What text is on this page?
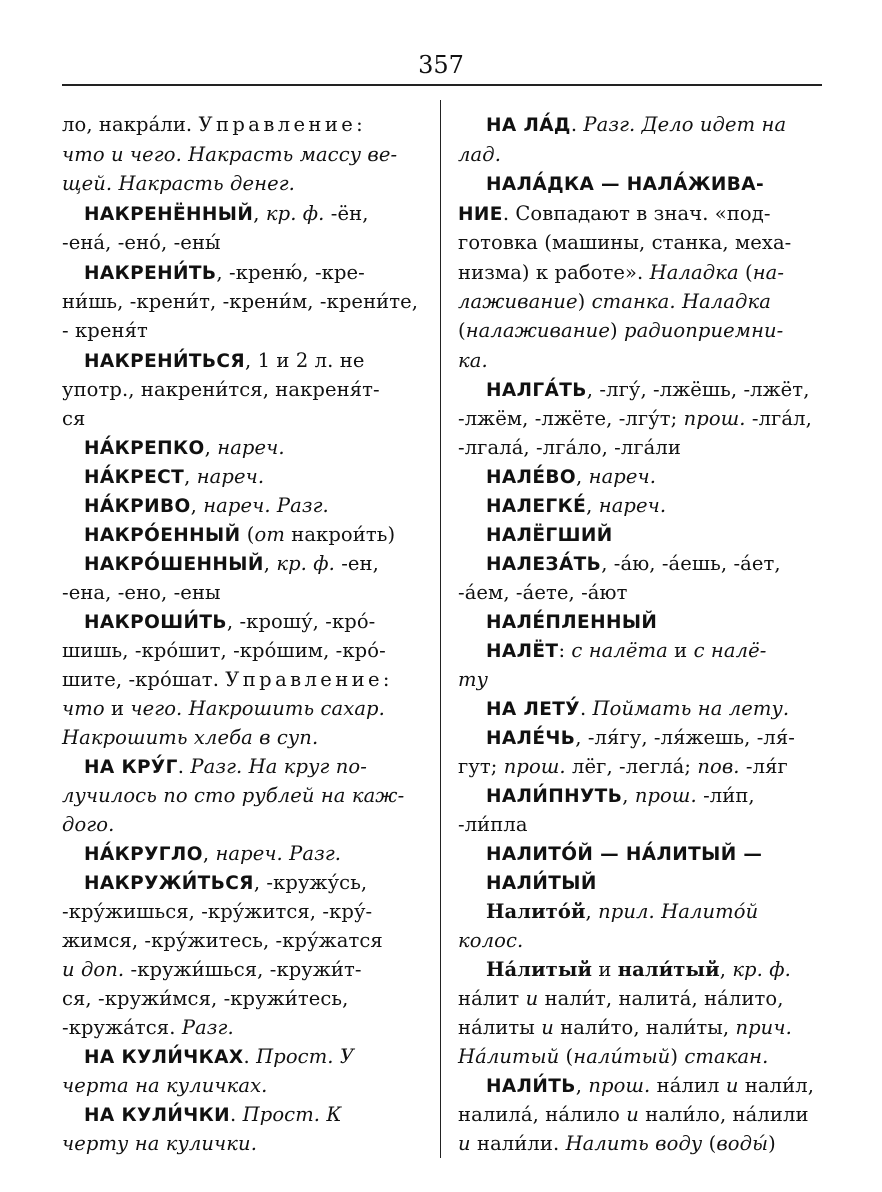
357
ло, накра́ли. Управление:
что и чего. Накрасть массу ве-
щей. Накрасть денег.
НАКРЕНЁННЫЙ, кр. ф. -ён,
-ена́, -ено́, -ены́
НАКРЕНИ́ТЬ, -креню́, -кре-
ни́шь, -крени́т, -крени́м, -крени́те,
- креня́т
НАКРЕНИ́ТЬСЯ, 1 и 2 л. не
употр., накрени́тся, накреня́т-
ся
НА́КРЕПКО, нареч.
НА́КРЕСТ, нареч.
НА́КРИВО, нареч. Разг.
НАКРО́ЕННЫЙ (от накрои́ть)
НАКРО́ШЕННЫЙ, кр. ф. -ен,
-ена, -ено, -ены
НАКРОШИ́ТЬ, -крошу́, -кро́-
шишь, -кро́шит, -кро́шим, -кро́-
шите, -кро́шат. Управление:
что и чего. Накрошить сахар.
Накрошить хлеба в суп.
НА КРУ́Г. Разг. На круг по-
лучилось по сто рублей на каж-
дого.
НА́КРУГЛО, нареч. Разг.
НАКРУЖИ́ТЬСЯ, -кружу́сь,
-кру́жишься, -кру́жится, -кру́-
жимся, -кру́житесь, -кру́жатся
и доп. -кружи́шься, -кружи́т-
ся, -кружи́мся, -кружи́тесь,
-кружа́тся. Разг.
НА КУЛИ́ЧКАХ. Прост. У
черта на куличках.
НА КУЛИ́ЧКИ. Прост. К
черту на кулички.
НА ЛА́Д. Разг. Дело идет на
лад.
НАЛА́ДКА — НАЛА́ЖИВА-
НИЕ. Совпадают в знач. «под-
готовка (машины, станка, меха-
низма) к работе». Наладка (на-
лаживание) станка. Наладка
(налаживание) радиоприемни-
ка.
НАЛГА́ТЬ, -лгу́, -лжёшь, -лжёт,
-лжём, -лжёте, -лгу́т; прош. -лга́л,
-лгала́, -лга́ло, -лга́ли
НАЛЕ́ВО, нареч.
НАЛЕГКЕ́, нареч.
НАЛЁГШИЙ
НАЛЕЗА́ТЬ, -а́ю, -а́ешь, -а́ет,
-а́ем, -а́ете, -а́ют
НАЛЕ́ПЛЕННЫЙ
НАЛЁТ: с налёта и с налё-
ту
НА ЛЕТУ́. Поймать на лету.
НАЛЕ́ЧЬ, -ля́гу, -ля́жешь, -ля́-
гут; прош. лёг, -легла́; пов. -ля́г
НАЛИ́ПНУТЬ, прош. -ли́п,
-ли́пла
НАЛИТО́Й — НА́ЛИТЫЙ —
НАЛИ́ТЫЙ
Налито́й, прил. Налито́й
колос.
На́литый и нали́тый, кр. ф.
на́лит и нали́т, налита́, на́лито,
на́литы и нали́то, нали́ты, прич.
На́литый (нали́тый) стакан.
НАЛИ́ТЬ, прош. на́лил и нали́л,
налила́, на́лило и нали́ло, на́лили
и нали́ли. Налить воду (воды́)
